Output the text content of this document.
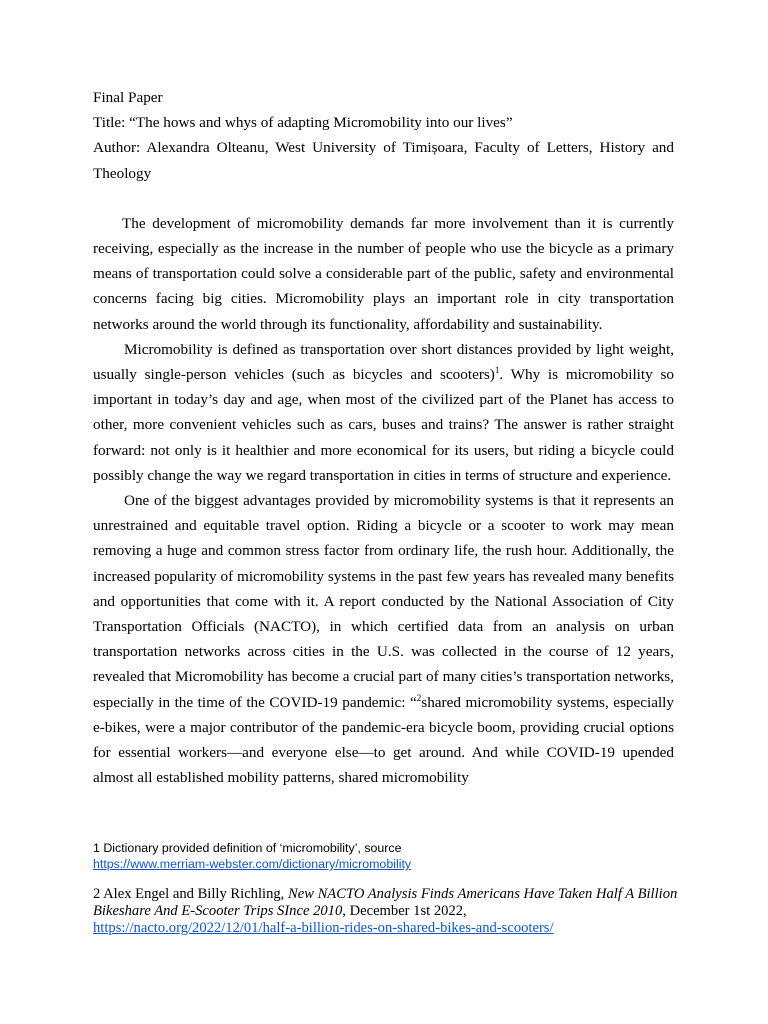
Final Paper

Title: “The hows and whys of adapting Micromobility into our lives”

Author: Alexandra Olteanu, West University of Timișoara, Faculty of Letters, History and Theology

The development of micromobility demands far more involvement than it is currently receiving, especially as the increase in the number of people who use the bicycle as a primary means of transportation could solve a considerable part of the public, safety and environmental concerns facing big cities. Micromobility plays an important role in city transportation networks around the world through its functionality, affordability and sustainability.

Micromobility is defined as transportation over short distances provided by light weight, usually single-person vehicles (such as bicycles and scooters)$^1$. Why is micromobility so important in today’s day and age, when most of the civilized part of the Planet has access to other, more convenient vehicles such as cars, buses and trains? The answer is rather straight forward: not only is it healthier and more economical for its users, but riding a bicycle could possibly change the way we regard transportation in cities in terms of structure and experience.

One of the biggest advantages provided by micromobility systems is that it represents an unrestrained and equitable travel option. Riding a bicycle or a scooter to work may mean removing a huge and common stress factor from ordinary life, the rush hour. Additionally, the increased popularity of micromobility systems in the past few years has revealed many benefits and opportunities that come with it. A report conducted by the National Association of City Transportation Officials (NACTO), in which certified data from an analysis on urban transportation networks across cities in the U.S. was collected in the course of 12 years, revealed that Micromobility has become a crucial part of many cities’s transportation networks, especially in the time of the COVID-19 pandemic: “$^2$shared micromobility systems, especially e-bikes, were a major contributor of the pandemic-era bicycle boom, providing crucial options for essential workers—and everyone else—to get around. And while COVID-19 upended almost all established mobility patterns, shared micromobility

1 Dictionary provided definition of ‘micromobility’, source
https://www.merriam-webster.com/dictionary/micromobility
2 Alex Engel and Billy Richling, New NACTO Analysis Finds Americans Have Taken Half A Billion Bikeshare And E-Scooter Trips SInce 2010, December 1st 2022,
https://nacto.org/2022/12/01/half-a-billion-rides-on-shared-bikes-and-scooters/
